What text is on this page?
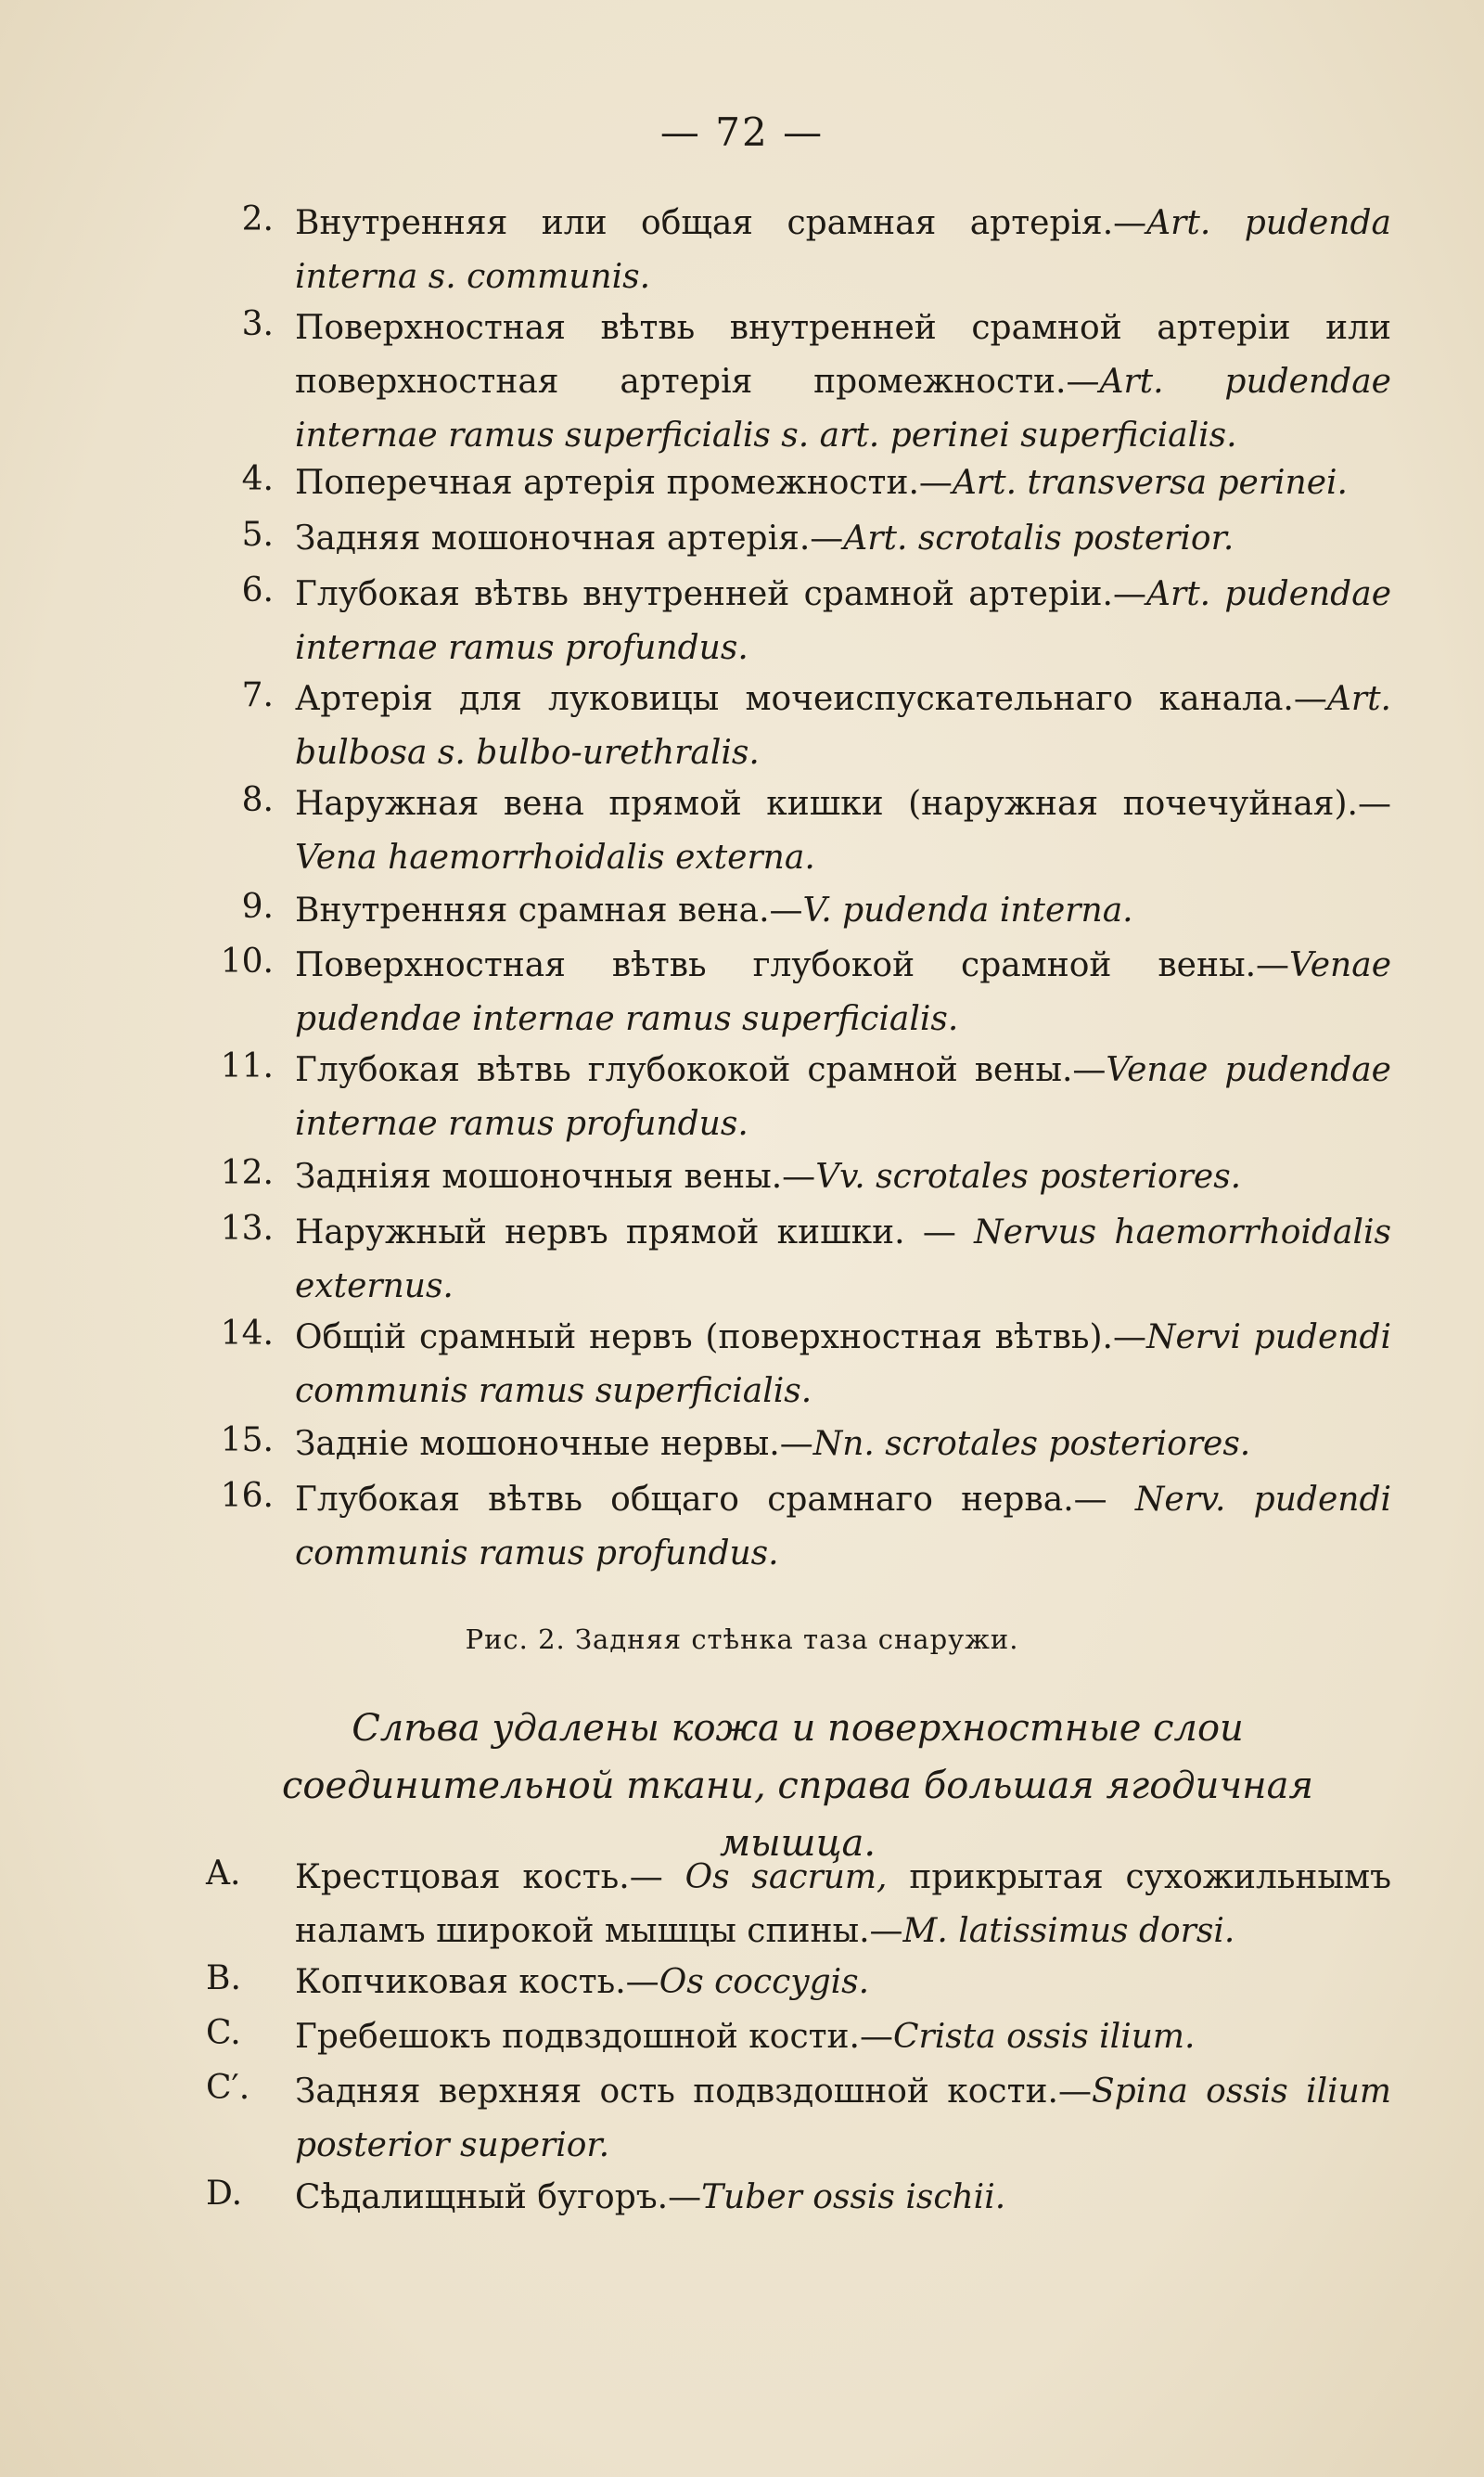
— 72 —
2. Внутренняя или общая срамная артерія.—Art. pudenda interna s. communis.
3. Поверхностная вѣтвь внутренней срамной артеріи или поверхностная артерія промежности.—Art. pudendae internae ramus superficialis s. art. perinei superficialis.
4. Поперечная артерія промежности.—Art. transversa perinei.
5. Задняя мошоночная артерія.—Art. scrotalis posterior.
6. Глубокая вѣтвь внутренней срамной артеріи.—Art. pudendae internae ramus profundus.
7. Артерія для луковицы мочеиспускательнаго канала.—Art. bulbosa s. bulbo-urethralis.
8. Наружная вена прямой кишки (наружная почечуйная).—Vena haemorrhoidalis externa.
9. Внутренняя срамная вена.—V. pudenda interna.
10. Поверхностная вѣтвь глубокой срамной вены.—Venae pudendae internae ramus superficialis.
11. Глубокая вѣтвь глубококой срамной вены.—Venae pudendae internae ramus profundus.
12. Задніяя мошоночныя вены.—Vv. scrotales posteriores.
13. Наружный нервъ прямой кишки. — Nervus haemorrhoidalis externus.
14. Общій срамный нервъ (поверхностная вѣтвь).—Nervi pudendi communis ramus superficialis.
15. Задніе мошоночные нервы.—Nn. scrotales posteriores.
16. Глубокая вѣтвь общаго срамнаго нерва.— Nerv. pudendi communis ramus profundus.
Рис. 2. Задняя стѣнка таза снаружи.
Слѣва удалены кожа и поверхностные слои соединительной ткани, справа большая ягодичная мышца.
A.	Крестцовая кость.— Os sacrum, прикрытая сухожильнымъ наламъ широкой мышцы спины.—M. latissimus dorsi.
B.	Копчиковая кость.—Os coccygis.
C.	Гребешокъ подвздошной кости.—Crista ossis ilium.
C′.	Задняя верхняя ость подвздошной кости.—Spina ossis ilium posterior superior.
D.	Сѣдалищный бугоръ.—Tuber ossis ischii.
